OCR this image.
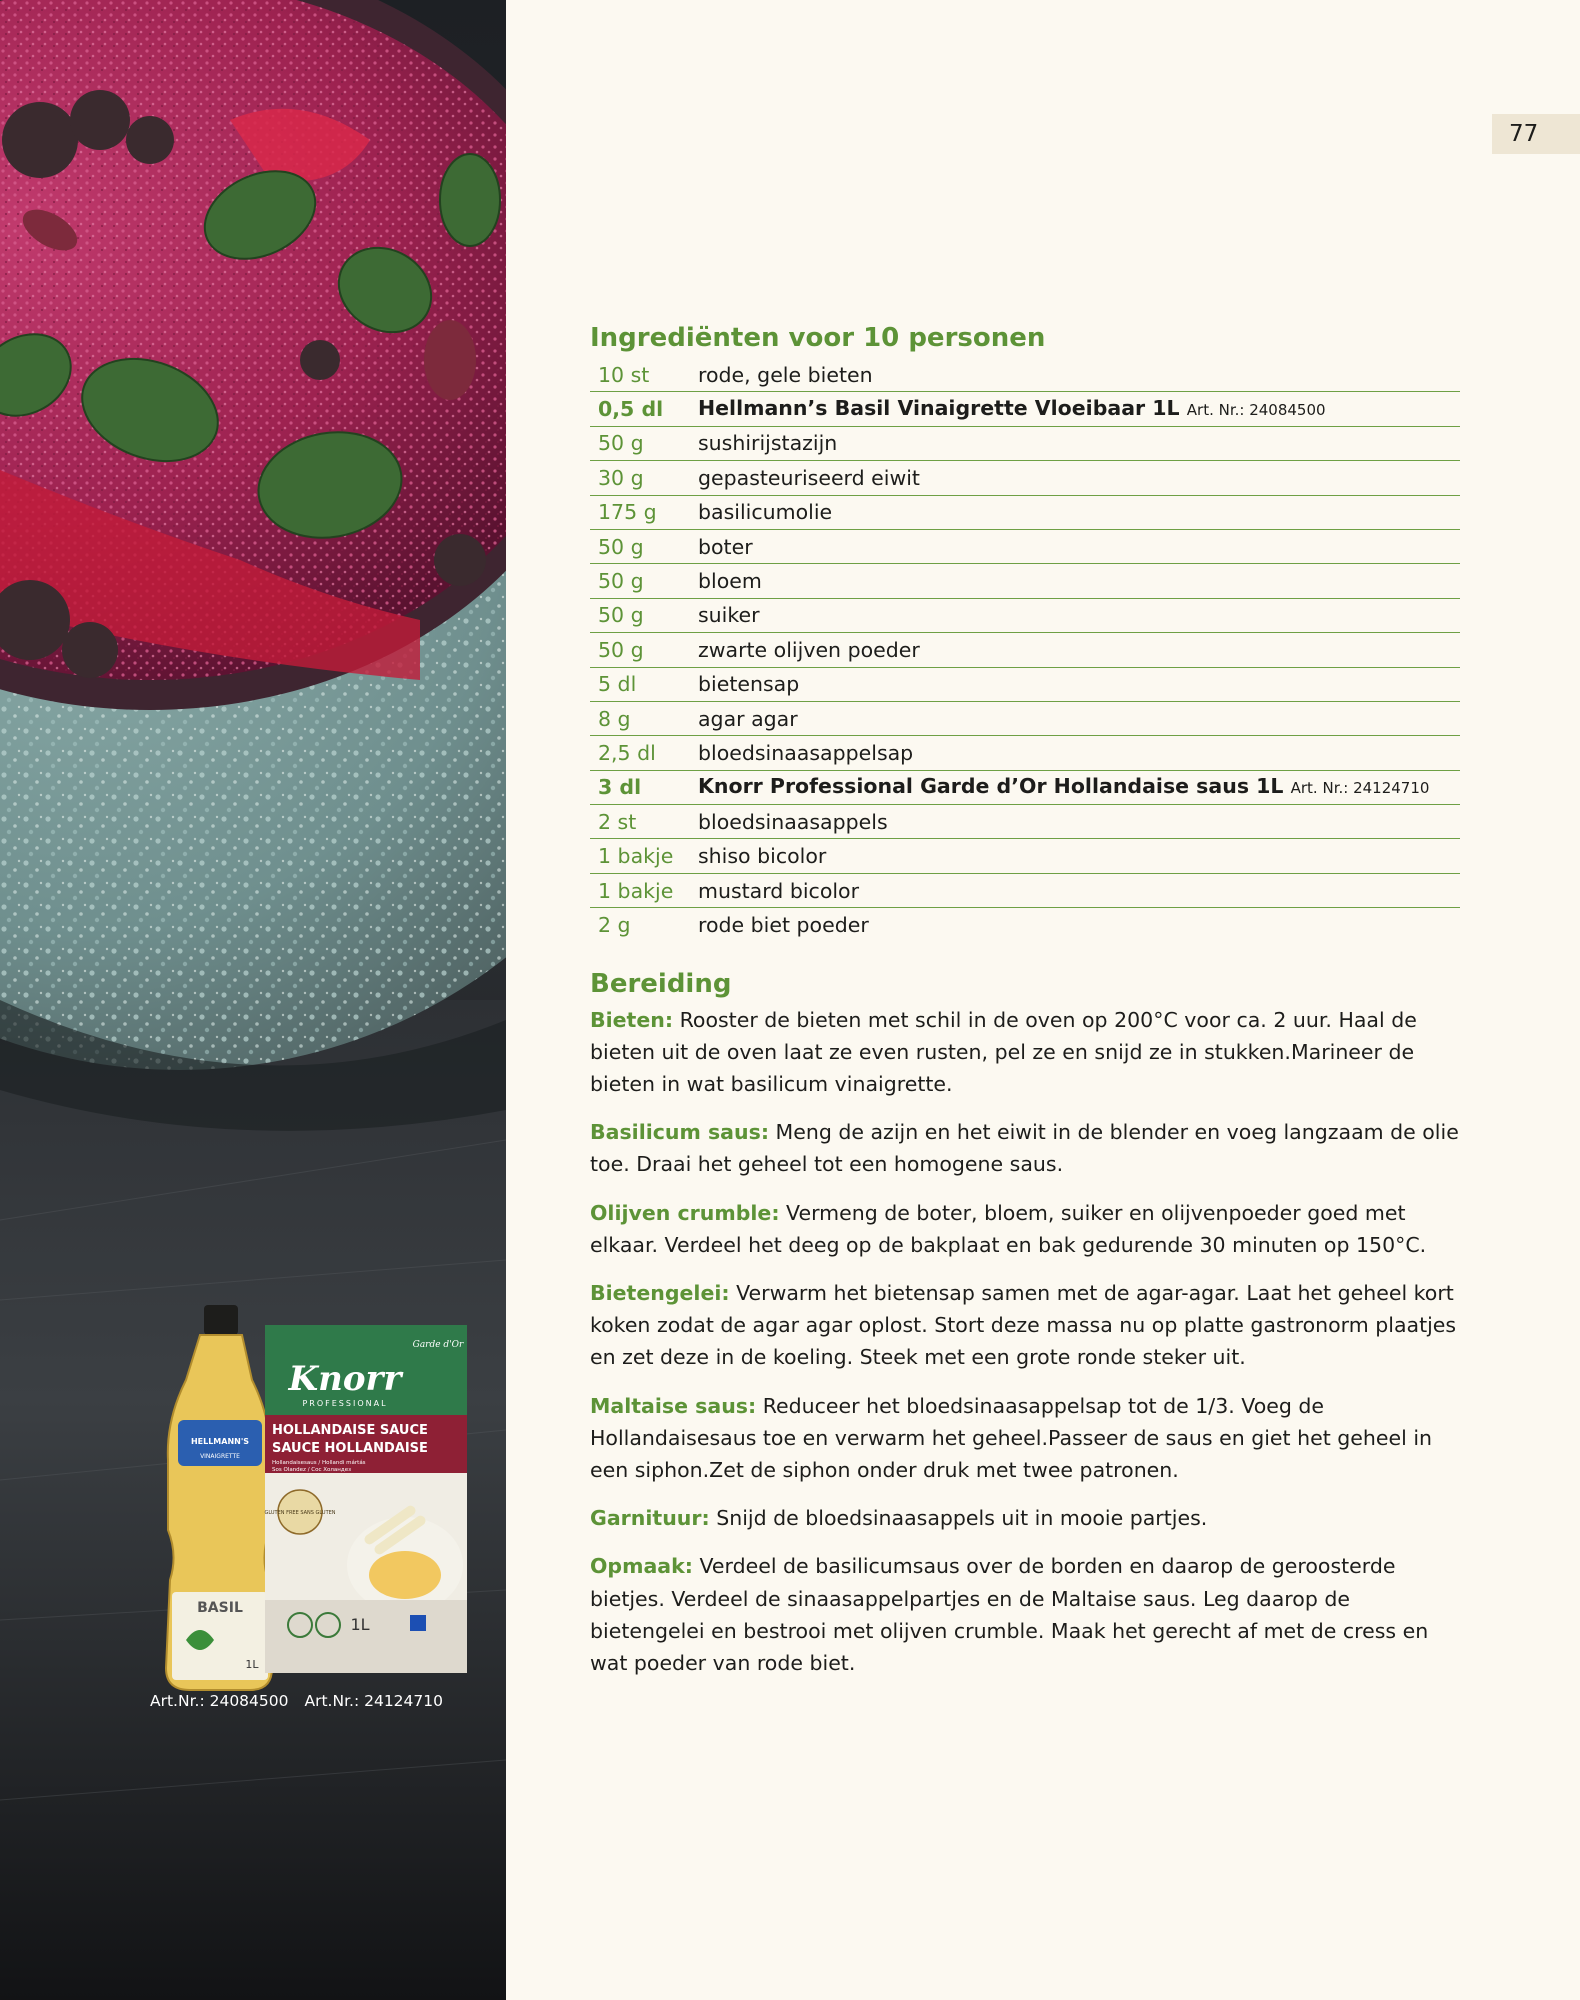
HELLMANN'S
VINAIGRETTE
BASIL
1L
Garde d'Or
Knorr
PROFESSIONAL
HOLLANDAISE SAUCE
SAUCE HOLLANDAISE
Hollandaisesaus / Hollandi mártás
Sos Olandez / Сос Холандез
GLUTEN FREE SANS GLUTEN
1L
Art.Nr.: 24084500 Art.Nr.: 24124710
77
Ingrediënten voor 10 personen
10 st	rode, gele bieten
0,5 dl	Hellmann’s Basil Vinaigrette Vloeibaar 1L Art. Nr.: 24084500
50 g	sushirijstazijn
30 g	gepasteuriseerd eiwit
175 g	basilicumolie
50 g	boter
50 g	bloem
50 g	suiker
50 g	zwarte olijven poeder
5 dl	bietensap
8 g	agar agar
2,5 dl	bloedsinaasappelsap
3 dl	Knorr Professional Garde d’Or Hollandaise saus 1L Art. Nr.: 24124710
2 st	bloedsinaasappels
1 bakje	shiso bicolor
1 bakje	mustard bicolor
2 g	rode biet poeder
Bereiding

Bieten: Rooster de bieten met schil in de oven op 200°C voor ca. 2 uur. Haal de bieten uit de oven laat ze even rusten, pel ze en snijd ze in stukken.Marineer de bieten in wat basilicum vinaigrette.

Basilicum saus: Meng de azijn en het eiwit in de blender en voeg langzaam de olie toe. Draai het geheel tot een homogene saus.

Olijven crumble: Vermeng de boter, bloem, suiker en olijvenpoeder goed met elkaar. Verdeel het deeg op de bakplaat en bak gedurende 30 minuten op 150°C.

Bietengelei: Verwarm het bietensap samen met de agar-agar. Laat het geheel kort koken zodat de agar agar oplost. Stort deze massa nu op platte gastronorm plaatjes en zet deze in de koeling. Steek met een grote ronde steker uit.

Maltaise saus: Reduceer het bloedsinaasappelsap tot de 1/3. Voeg de Hollandaisesaus toe en verwarm het geheel.Passeer de saus en giet het geheel in een siphon.Zet de siphon onder druk met twee patronen.

Garnituur: Snijd de bloedsinaasappels uit in mooie partjes.

Opmaak: Verdeel de basilicumsaus over de borden en daarop de geroosterde bietjes. Verdeel de sinaasappelpartjes en de Maltaise saus. Leg daarop de bietengelei en bestrooi met olijven crumble. Maak het gerecht af met de cress en wat poeder van rode biet.
